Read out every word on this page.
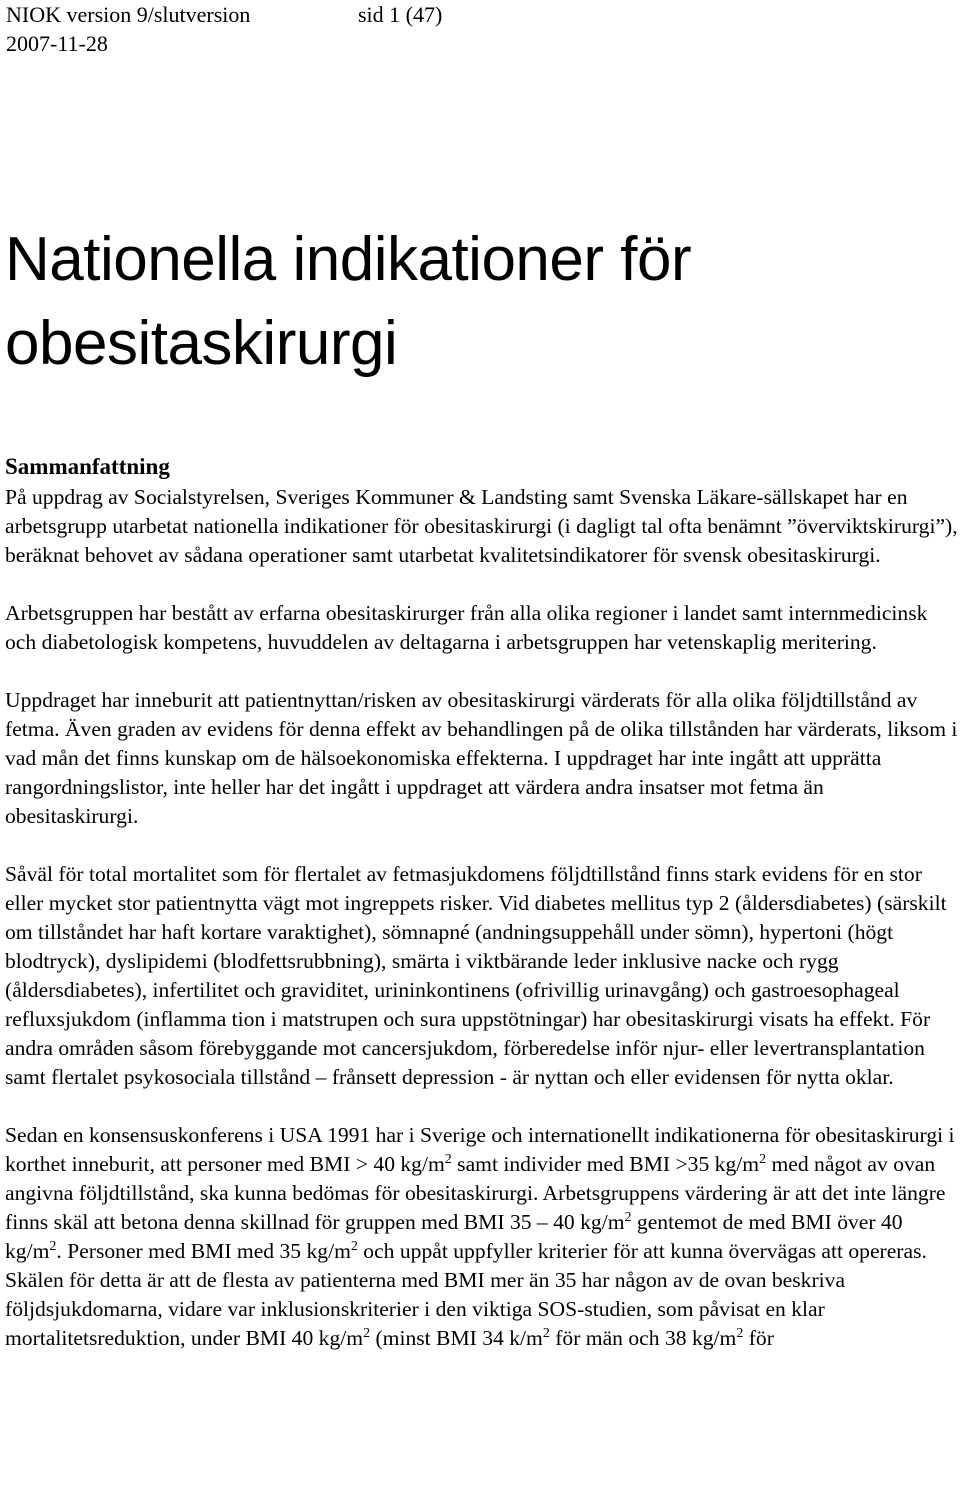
NIOK version 9/slutversion	sid 1 (47)
2007-11-28
Nationella indikationer för
obesitaskirurgi
Sammanfattning

På uppdrag av Socialstyrelsen, Sveriges Kommuner & Landsting samt Svenska Läkare-sällskapet har en arbetsgrupp utarbetat nationella indikationer för obesitaskirurgi (i dagligt tal ofta benämnt ”överviktskirurgi”), beräknat behovet av sådana operationer samt utarbetat kvalitetsindikatorer för svensk obesitaskirurgi.

Arbetsgruppen har bestått av erfarna obesitaskirurger från alla olika regioner i landet samt internmedicinsk och diabetologisk kompetens, huvuddelen av deltagarna i arbetsgruppen har vetenskaplig meritering.

Uppdraget har inneburit att patientnyttan/risken av obesitaskirurgi värderats för alla olika följdtillstånd av fetma. Även graden av evidens för denna effekt av behandlingen på de olika tillstånden har värderats, liksom i vad mån det finns kunskap om de hälsoekonomiska effekterna. I uppdraget har inte ingått att upprätta rangordningslistor, inte heller har det ingått i uppdraget att värdera andra insatser mot fetma än obesitaskirurgi.

Såväl för total mortalitet som för flertalet av fetmasjukdomens följdtillstånd finns stark evidens för en stor eller mycket stor patientnytta vägt mot ingreppets risker. Vid diabetes mellitus typ 2 (åldersdiabetes) (särskilt om tillståndet har haft kortare varaktighet), sömnapné (andningsuppehåll under sömn), hypertoni (högt blodtryck), dyslipidemi (blodfettsrubbning), smärta i viktbärande leder inklusive nacke och rygg (åldersdiabetes), infertilitet och graviditet, urininkontinens (ofrivillig urinavgång) och gastroesophageal refluxsjukdom (inflamma tion i matstrupen och sura uppstötningar) har obesitaskirurgi visats ha effekt. För andra områden såsom förebyggande mot cancersjukdom, förberedelse inför njur- eller levertransplantation samt flertalet psykosociala tillstånd – frånsett depression - är nyttan och eller evidensen för nytta oklar.

Sedan en konsensuskonferens i USA 1991 har i Sverige och internationellt indikationerna för obesitaskirurgi i korthet inneburit, att personer med BMI > 40 $kg/m^2$ samt individer med BMI >35 $kg/m^2$ med något av ovan angivna följdtillstånd, ska kunna bedömas för obesitaskirurgi. Arbetsgruppens värdering är att det inte längre finns skäl att betona denna skillnad för gruppen med BMI 35 – 40 $kg/m^2$ gentemot de med BMI över 40 $kg/m^2$. Personer med BMI med 35 $kg/m^2$ och uppåt uppfyller kriterier för att kunna övervägas att opereras. Skälen för detta är att de flesta av patienterna med BMI mer än 35 har någon av de ovan beskriva följdsjukdomarna, vidare var inklusionskriterier i den viktiga SOS-studien, som påvisat en klar mortalitetsreduktion, under BMI 40 $kg/m^2$ (minst BMI 34 $k/m^2$ för män och 38 $kg/m^2$ för
